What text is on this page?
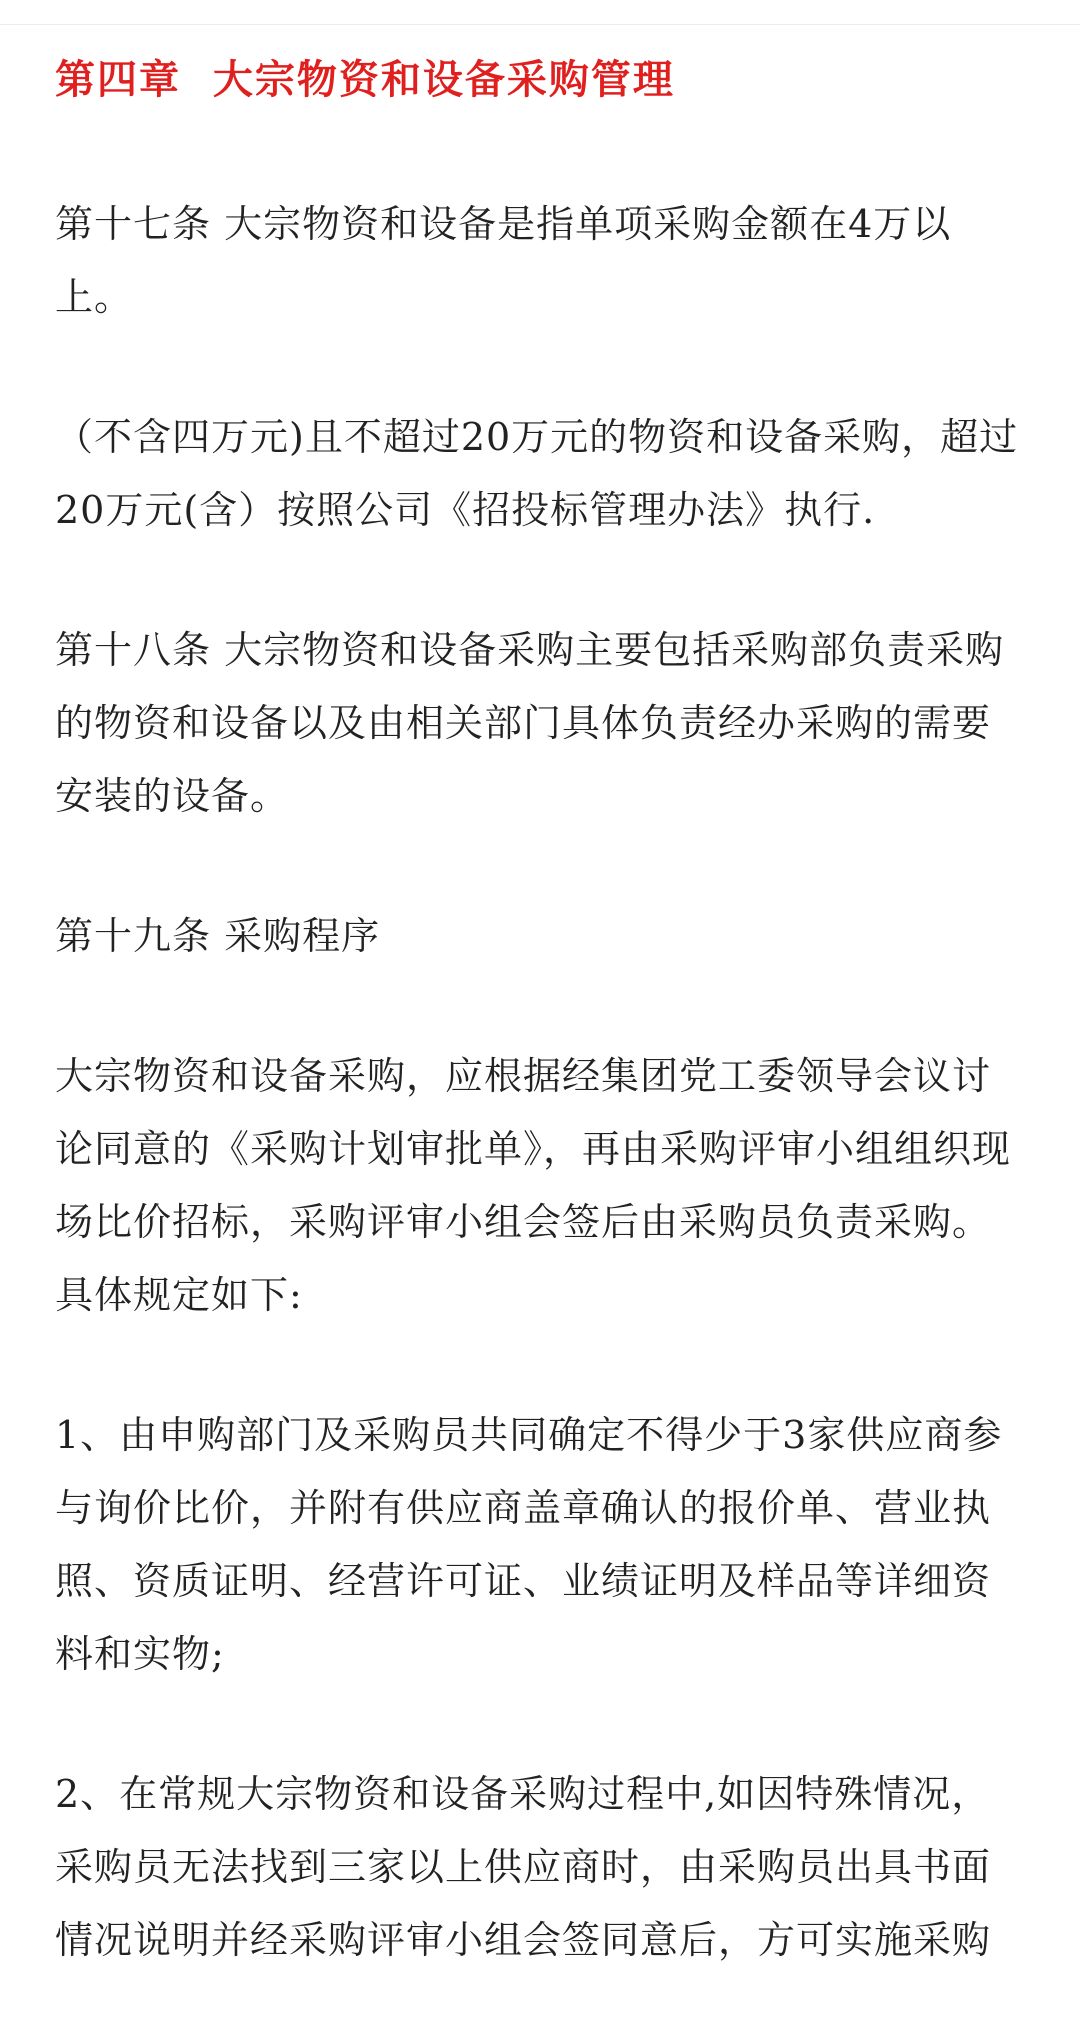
第四章  大宗物资和设备采购管理

第十七条 大宗物资和设备是指单项采购金额在4万以上。

（不含四万元)且不超过20万元的物资和设备采购，超过20万元(含）按照公司《招投标管理办法》执行.

第十八条 大宗物资和设备采购主要包括采购部负责采购的物资和设备以及由相关部门具体负责经办采购的需要安装的设备。

第十九条 采购程序

大宗物资和设备采购，应根据经集团党工委领导会议讨论同意的《采购计划审批单》，再由采购评审小组组织现场比价招标，采购评审小组会签后由采购员负责采购。具体规定如下:

1、由申购部门及采购员共同确定不得少于3家供应商参与询价比价，并附有供应商盖章确认的报价单、营业执照、资质证明、经营许可证、业绩证明及样品等详细资料和实物;

2、在常规大宗物资和设备采购过程中,如因特殊情况，采购员无法找到三家以上供应商时，由采购员出具书面情况说明并经采购评审小组会签同意后，方可实施采购
